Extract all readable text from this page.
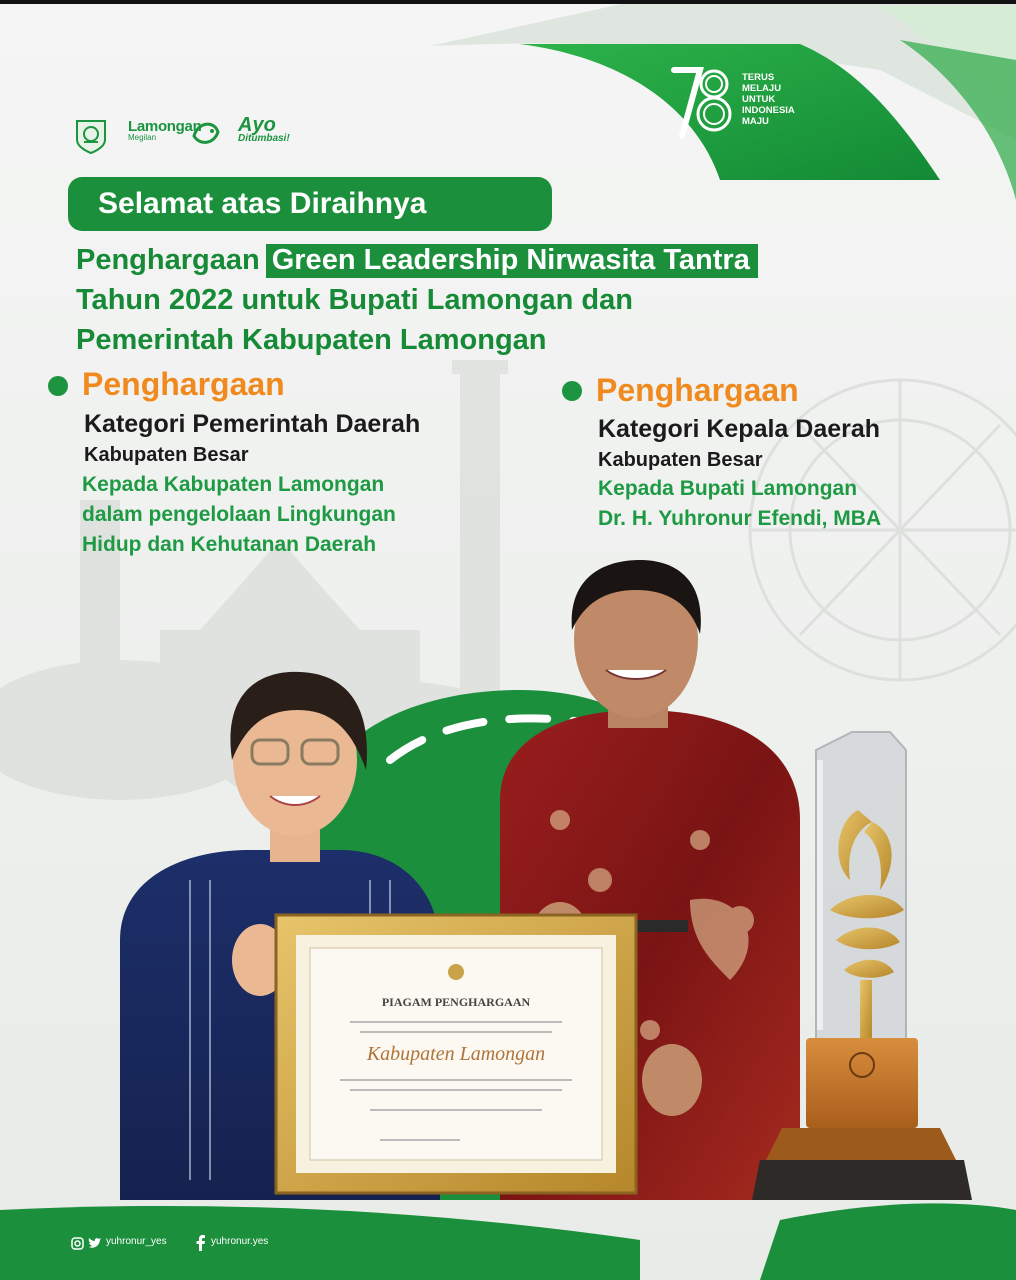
Lamongan
Megilan
Ayo
Ditumbasi!
TERUS
MELAJU
UNTUK
INDONESIA
MAJU
Selamat atas Diraihnya
Penghargaan Green Leadership Nirwasita Tantra
Tahun 2022 untuk Bupati Lamongan dan
Pemerintah Kabupaten Lamongan
Penghargaan
Kategori Pemerintah Daerah
Kabupaten Besar
Kepada Kabupaten Lamongan
dalam pengelolaan Lingkungan
Hidup dan Kehutanan Daerah
Penghargaan
Kategori Kepala Daerah
Kabupaten Besar
Kepada Bupati Lamongan
Dr. H. Yuhronur Efendi, MBA
PIAGAM PENGHARGAAN
Kabupaten Lamongan
yuhronur_yes	yuhronur.yes
